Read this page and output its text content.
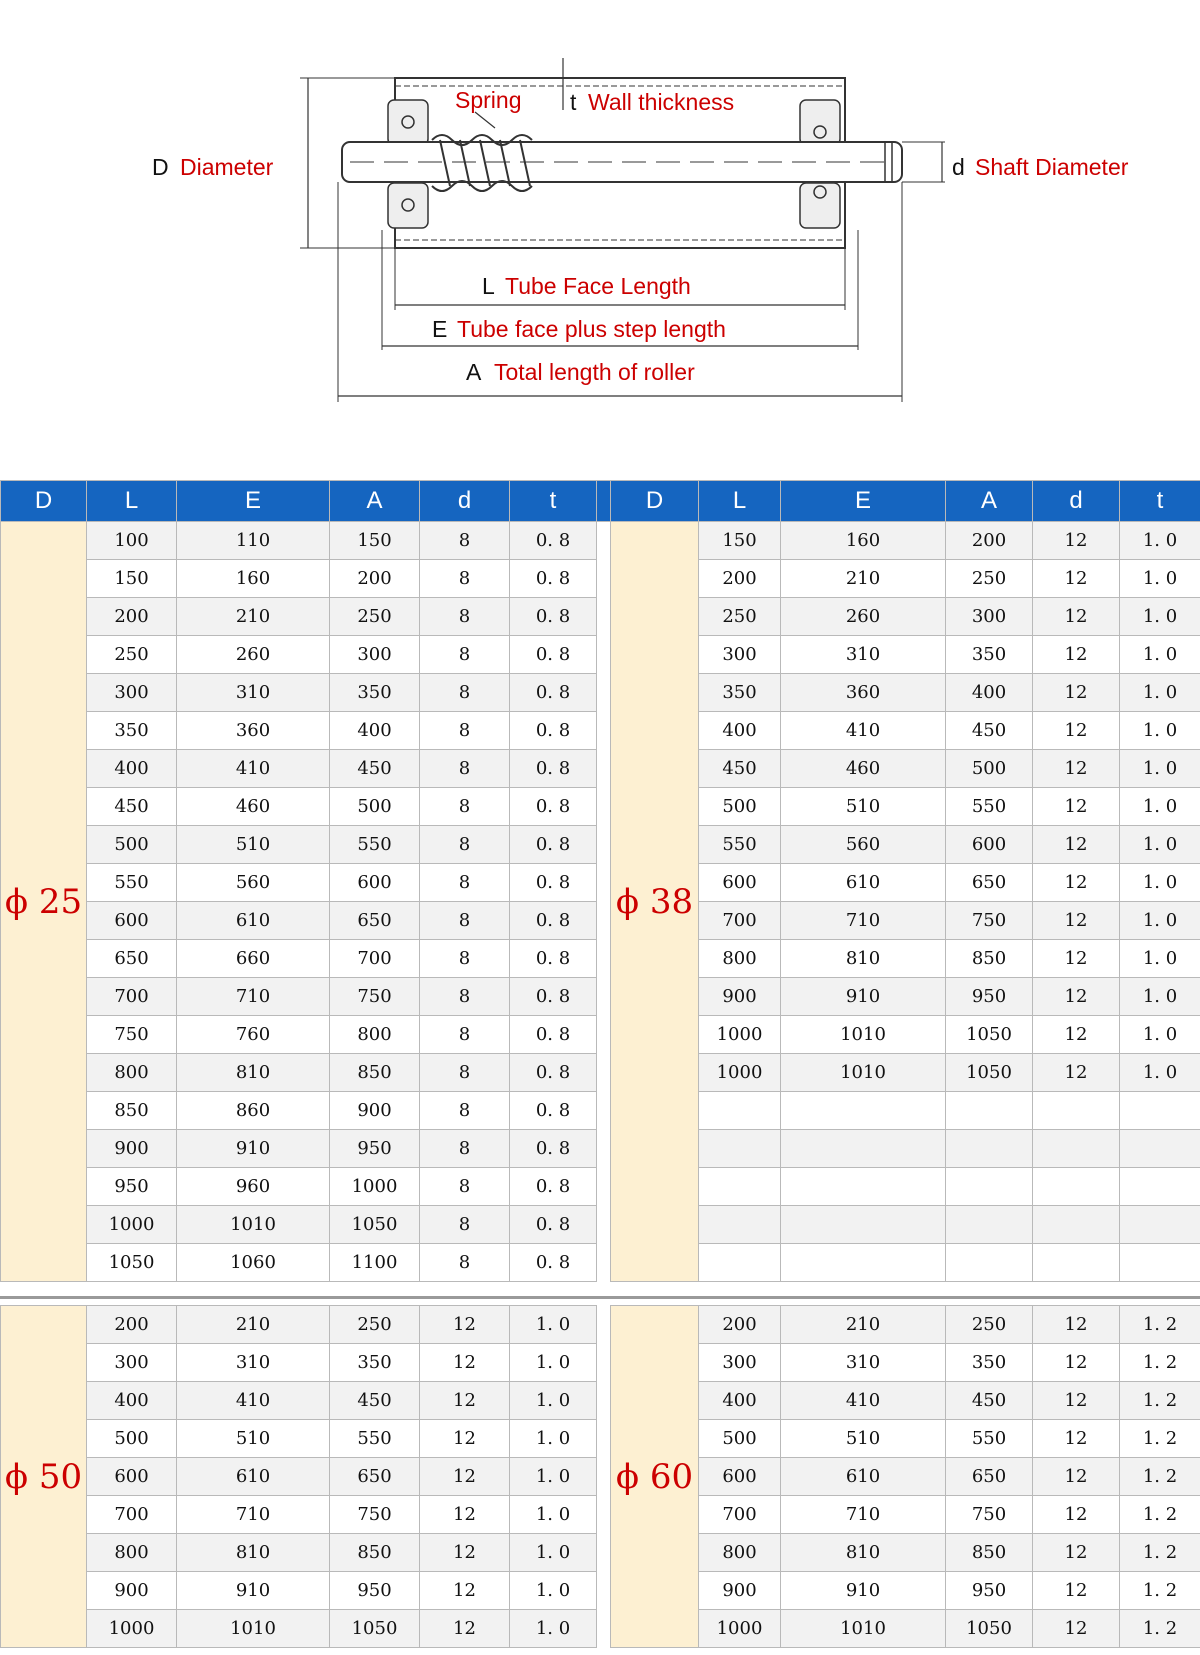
Spring t Wall thickness
D Diameter	d Shaft Diameter
L Tube Face Length
E Tube face plus step length
A Total length of roller
D	L	E	A	d	t		D	L	E	A	d	t
ϕ 25	100	110	150	8	0. 8		ϕ 38	150	160	200	12	1. 0
	150	160	200	8	0. 8			200	210	250	12	1. 0
	200	210	250	8	0. 8			250	260	300	12	1. 0
	250	260	300	8	0. 8			300	310	350	12	1. 0
	300	310	350	8	0. 8			350	360	400	12	1. 0
	350	360	400	8	0. 8			400	410	450	12	1. 0
	400	410	450	8	0. 8			450	460	500	12	1. 0
	450	460	500	8	0. 8			500	510	550	12	1. 0
	500	510	550	8	0. 8			550	560	600	12	1. 0
	550	560	600	8	0. 8			600	610	650	12	1. 0
	600	610	650	8	0. 8			700	710	750	12	1. 0
	650	660	700	8	0. 8			800	810	850	12	1. 0
	700	710	750	8	0. 8			900	910	950	12	1. 0
	750	760	800	8	0. 8			1000	1010	1050	12	1. 0
	800	810	850	8	0. 8			1000	1010	1050	12	1. 0
	850	860	900	8	0. 8							
	900	910	950	8	0. 8							
	950	960	1000	8	0. 8							
	1000	1010	1050	8	0. 8							
	1050	1060	1100	8	0. 8							
ϕ 50	200	210	250	12	1. 0		ϕ 60	200	210	250	12	1. 2
	300	310	350	12	1. 0			300	310	350	12	1. 2
	400	410	450	12	1. 0			400	410	450	12	1. 2
	500	510	550	12	1. 0			500	510	550	12	1. 2
	600	610	650	12	1. 0			600	610	650	12	1. 2
	700	710	750	12	1. 0			700	710	750	12	1. 2
	800	810	850	12	1. 0			800	810	850	12	1. 2
	900	910	950	12	1. 0			900	910	950	12	1. 2
	1000	1010	1050	12	1. 0			1000	1010	1050	12	1. 2
